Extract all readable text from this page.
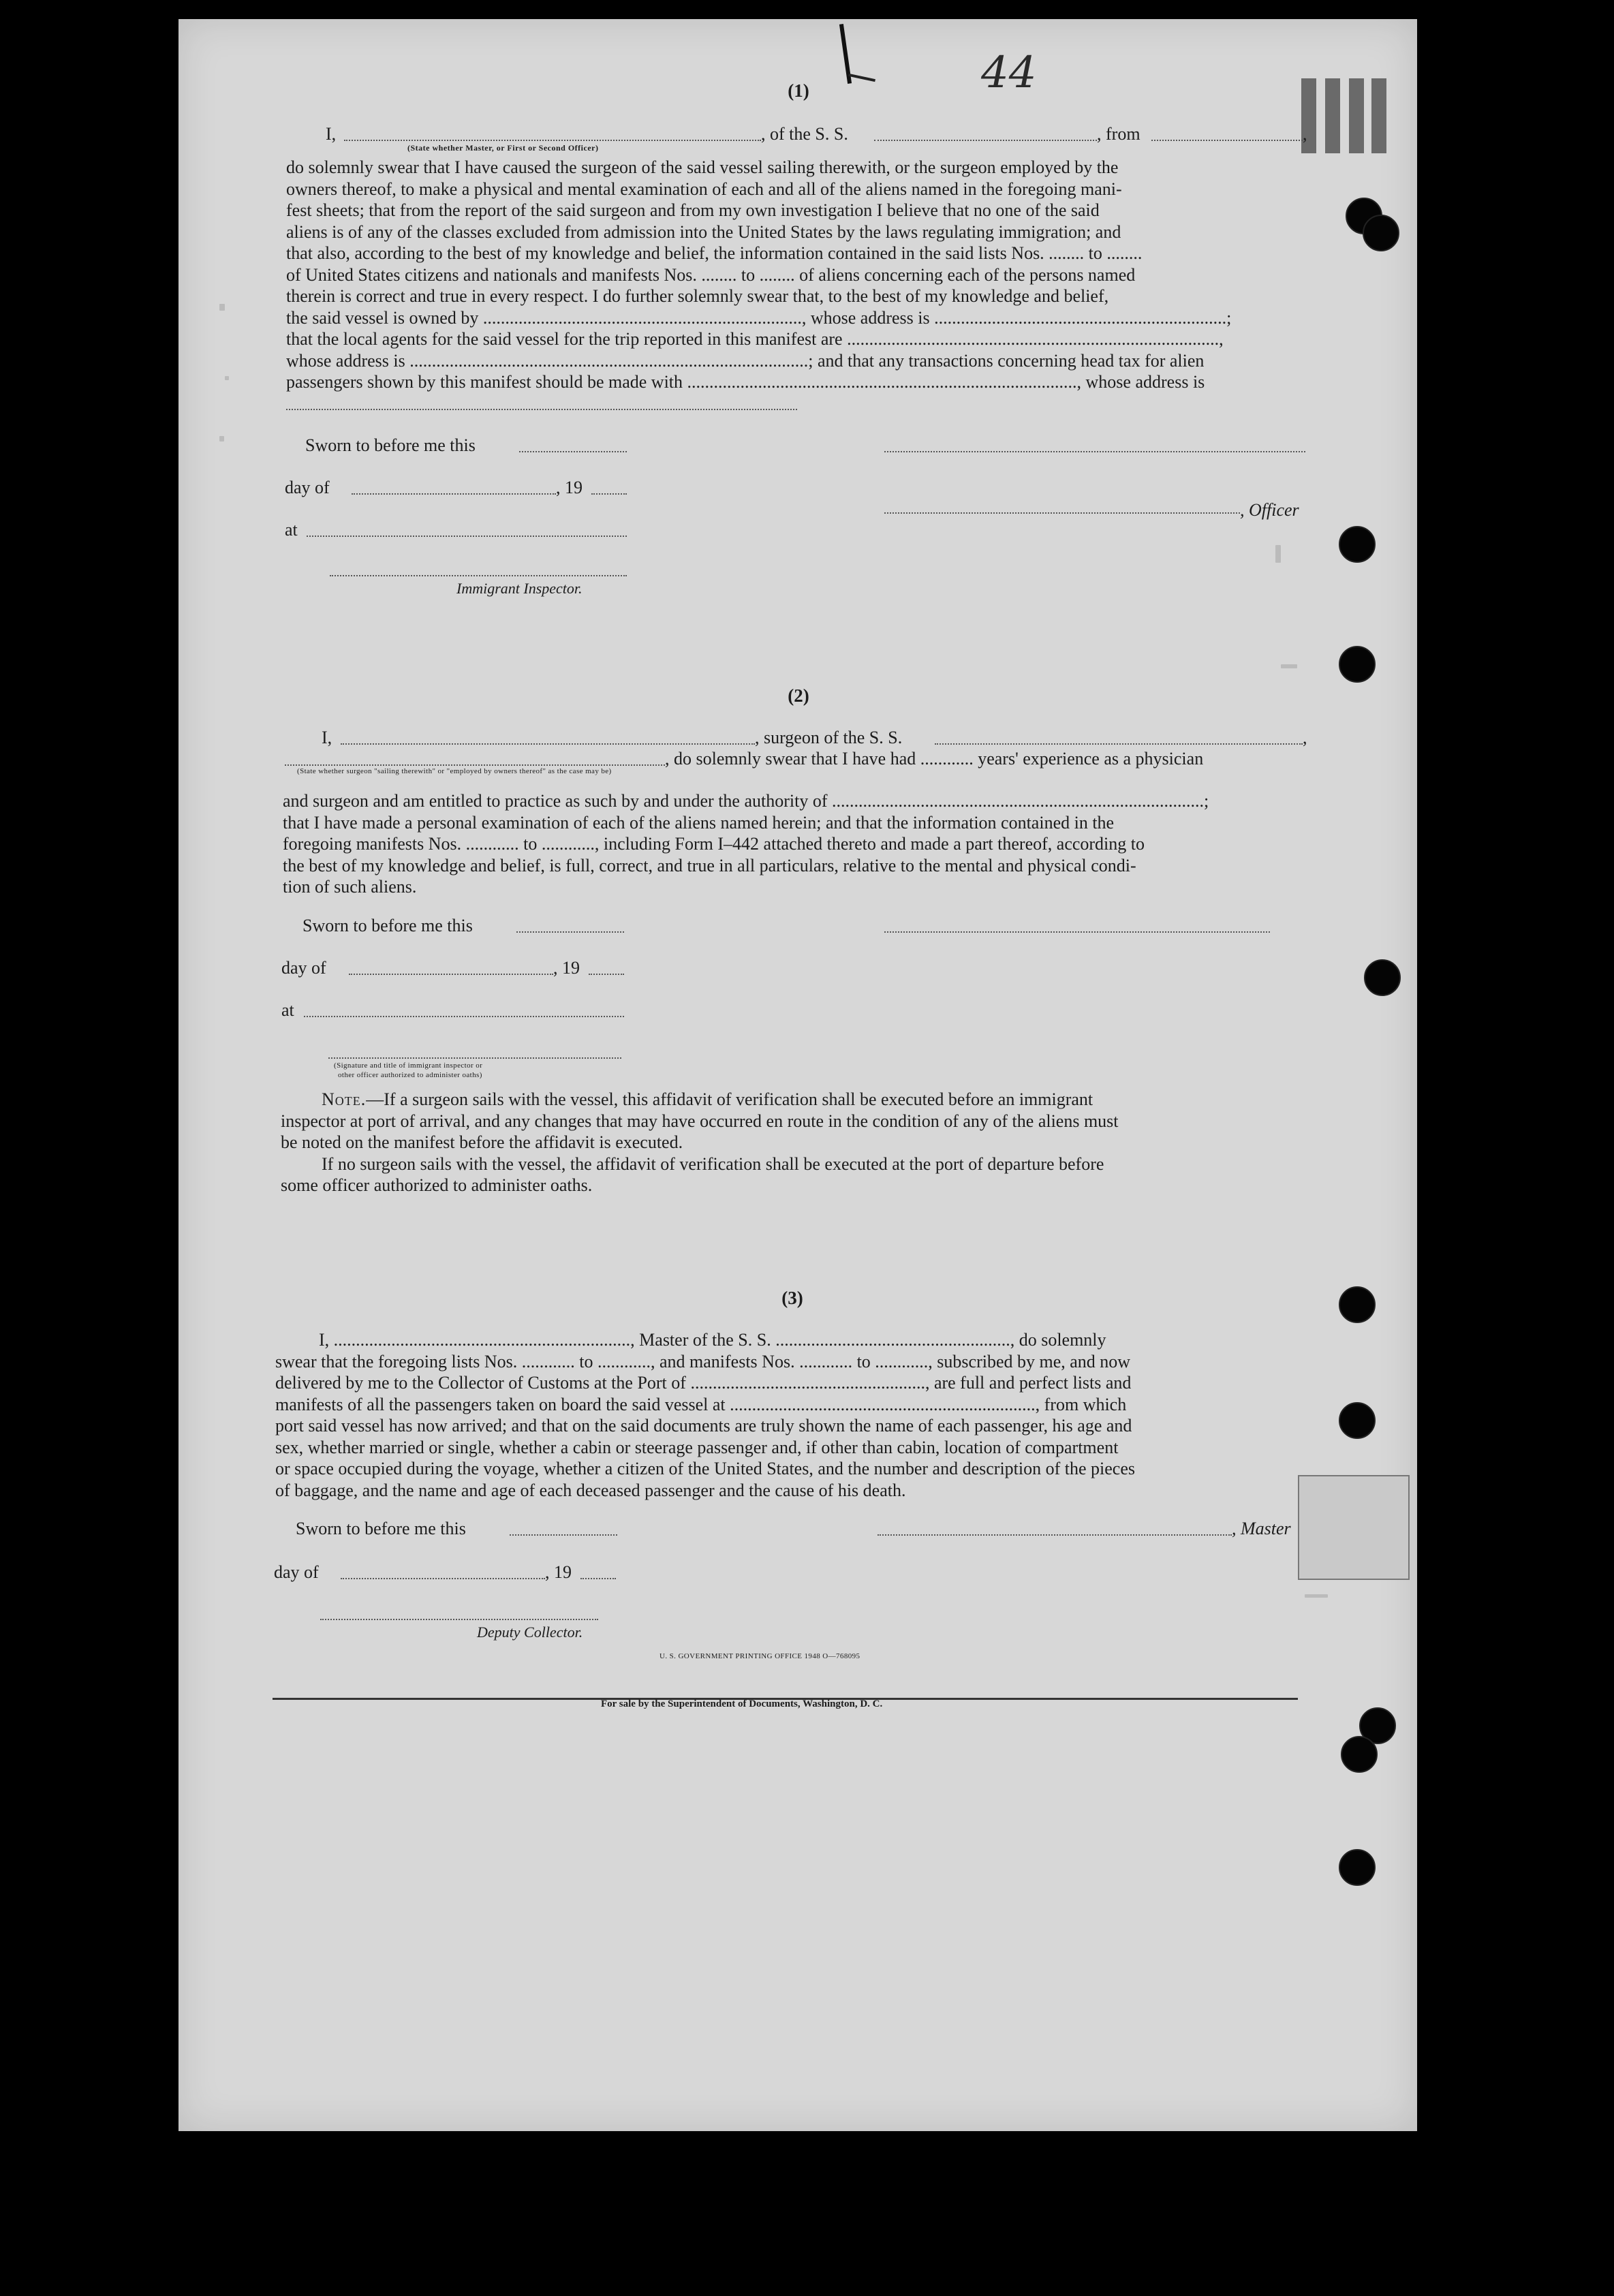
44
(1)
I,
(State whether Master, or First or Second Officer)
, of the S. S.	, from	,
do solemnly swear that I have caused the surgeon of the said vessel sailing therewith, or the surgeon employed by the
owners thereof, to make a physical and mental examination of each and all of the aliens named in the foregoing mani-
fest sheets; that from the report of the said surgeon and from my own investigation I believe that no one of the said
aliens is of any of the classes excluded from admission into the United States by the laws regulating immigration; and
that also, according to the best of my knowledge and belief, the information contained in the said lists Nos. ........ to ........
of United States citizens and nationals and manifests Nos. ........ to ........ of aliens concerning each of the persons named
therein is correct and true in every respect. I do further solemnly swear that, to the best of my knowledge and belief,
the said vessel is owned by ........................................................................, whose address is ..................................................................;
that the local agents for the said vessel for the trip reported in this manifest are ....................................................................................,
whose address is ..........................................................................................; and that any transactions concerning head tax for alien
passengers shown by this manifest should be made with ........................................................................................, whose address is
Sworn to before me this
day of	, 19
, Officer
at
Immigrant Inspector.
(2)
I,	, surgeon of the S. S.	,
, do solemnly swear that I have had ............ years' experience as a physician
(State whether surgeon "sailing therewith" or "employed by owners thereof" as the case may be)
and surgeon and am entitled to practice as such by and under the authority of ....................................................................................;
that I have made a personal examination of each of the aliens named herein; and that the information contained in the
foregoing manifests Nos. ............ to ............, including Form I–442 attached thereto and made a part thereof, according to
the best of my knowledge and belief, is full, correct, and true in all particulars, relative to the mental and physical condi-
tion of such aliens.
Sworn to before me this
day of	, 19
at
(Signature and title of immigrant inspector or
other officer authorized to administer oaths)
Note.—If a surgeon sails with the vessel, this affidavit of verification shall be executed before an immigrant
inspector at port of arrival, and any changes that may have occurred en route in the condition of any of the aliens must
be noted on the manifest before the affidavit is executed.
If no surgeon sails with the vessel, the affidavit of verification shall be executed at the port of departure before
some officer authorized to administer oaths.
(3)
I, ..................................................................., Master of the S. S. ....................................................., do solemnly
swear that the foregoing lists Nos. ............ to ............, and manifests Nos. ............ to ............, subscribed by me, and now
delivered by me to the Collector of Customs at the Port of ....................................................., are full and perfect lists and
manifests of all the passengers taken on board the said vessel at ....................................................................., from which
port said vessel has now arrived; and that on the said documents are truly shown the name of each passenger, his age and
sex, whether married or single, whether a cabin or steerage passenger and, if other than cabin, location of compartment
or space occupied during the voyage, whether a citizen of the United States, and the number and description of the pieces
of baggage, and the name and age of each deceased passenger and the cause of his death.
Sworn to before me this	, Master
day of	, 19
Deputy Collector.
U. S. GOVERNMENT PRINTING OFFICE 1948 O—768095
For sale by the Superintendent of Documents, Washington, D. C.
